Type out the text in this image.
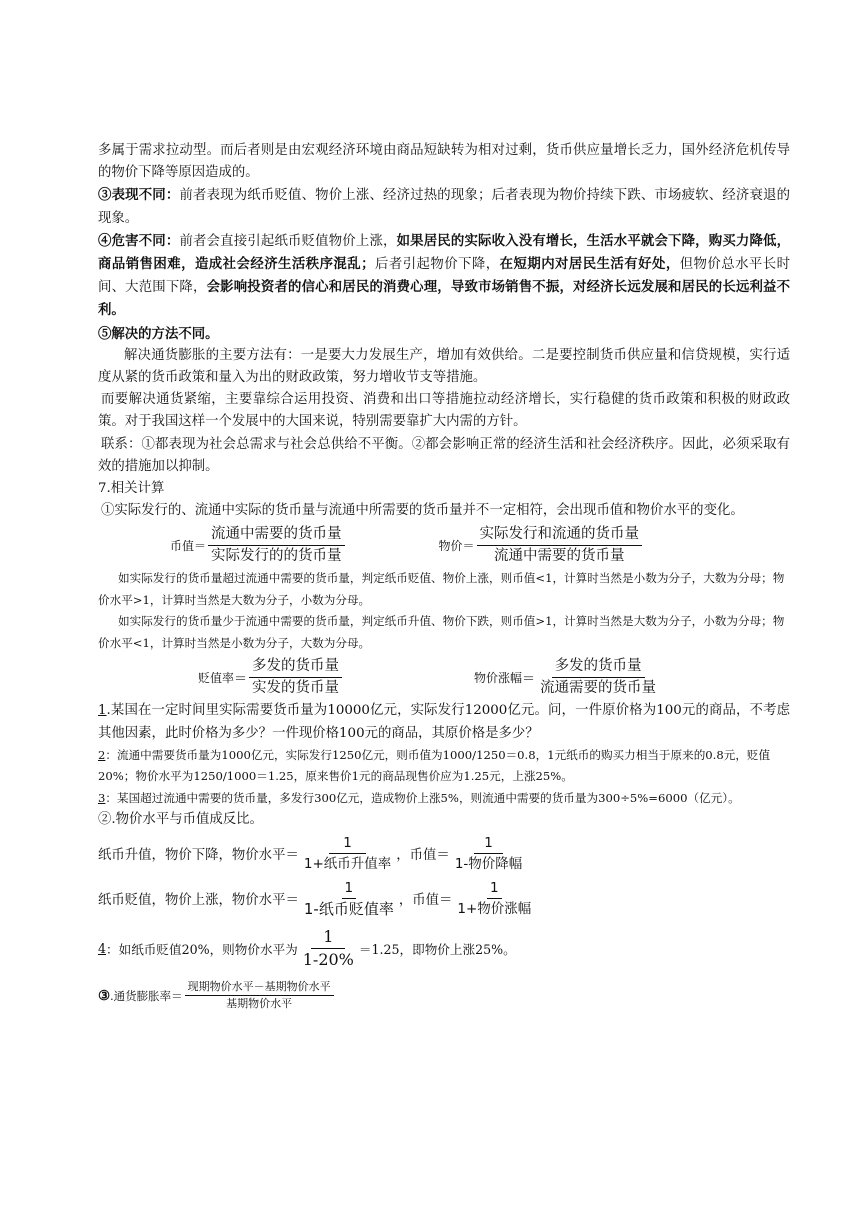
多属于需求拉动型。而后者则是由宏观经济环境由商品短缺转为相对过剩，货币供应量增长乏力，国外经济危机传导的物价下降等原因造成的。

③表现不同：前者表现为纸币贬值、物价上涨、经济过热的现象；后者表现为物价持续下跌、市场疲软、经济衰退的现象。

④危害不同：前者会直接引起纸币贬值物价上涨，如果居民的实际收入没有增长，生活水平就会下降，购买力降低，商品销售困难，造成社会经济生活秩序混乱；后者引起物价下降，在短期内对居民生活有好处，但物价总水平长时间、大范围下降，会影响投资者的信心和居民的消费心理，导致市场销售不振，对经济长远发展和居民的长远利益不利。

⑤解决的方法不同。

解决通货膨胀的主要方法有：一是要大力发展生产，增加有效供给。二是要控制货币供应量和信贷规模，实行适度从紧的货币政策和量入为出的财政政策，努力增收节支等措施。

而要解决通货紧缩，主要靠综合运用投资、消费和出口等措施拉动经济增长，实行稳健的货币政策和积极的财政政策。对于我国这样一个发展中的大国来说，特别需要靠扩大内需的方针。

联系：①都表现为社会总需求与社会总供给不平衡。②都会影响正常的经济生活和社会经济秩序。因此，必须采取有效的措施加以抑制。

7.相关计算

①实际发行的、流通中实际的货币量与流通中所需要的货币量并不一定相符，会出现币值和物价水平的变化。

币值＝ $\frac{\text{流通中需要的货币量}}{\text{实际发行的的货币量}}$	物价＝ $\frac{\text{实际发行和流通的货币量}}{\text{流通中需要的货币量}}$

如实际发行的货币量超过流通中需要的货币量，判定纸币贬值、物价上涨，则币值<1，计算时当然是小数为分子，大数为分母；物价水平>1，计算时当然是大数为分子，小数为分母。

如实际发行的货币量少于流通中需要的货币量，判定纸币升值、物价下跌，则币值>1，计算时当然是大数为分子，小数为分母；物价水平<1，计算时当然是小数为分子，大数为分母。

贬值率 ＝ $\frac{\text{多发的货币量}}{\text{实发的货币量}}$	物价涨幅 ＝ $\frac{\text{多发的货币量}}{\text{流通需要的货币量}}$

1.某国在一定时间里实际需要货币量为10000亿元，实际发行12000亿元。问，一件原价格为100元的商品，不考虑其他因素，此时价格为多少？一件现价格100元的商品，其原价格是多少？

2：流通中需要货币量为1000亿元，实际发行1250亿元，则币值为1000/1250＝0.8，1元纸币的购买力相当于原来的0.8元，贬值20%；物价水平为1250/1000＝1.25，原来售价1元的商品现售价应为1.25元，上涨25%。

3：某国超过流通中需要的货币量，多发行300亿元，造成物价上涨5%，则流通中需要的货币量为300÷5%=6000（亿元）。

②.物价水平与币值成反比。

纸币升值，物价下降，物价水平＝ $\frac{1}{\text{1+纸币升值率}}$ ，币值＝ $\frac{1}{\text{1-物价降幅}}$
纸币贬值，物价上涨，物价水平＝ $\frac{1}{\text{1-纸币贬值率}}$ ，币值＝ $\frac{1}{\text{1+物价涨幅}}$
4 ：如纸币贬值20%，则物价水平为 $\frac{1}{1-20\%} =1.25$，即物价上涨25%。
③ .通货膨胀率＝ $\frac{\text{现期物价水平－基期物价水平}}{\text{基期物价水平}}$
